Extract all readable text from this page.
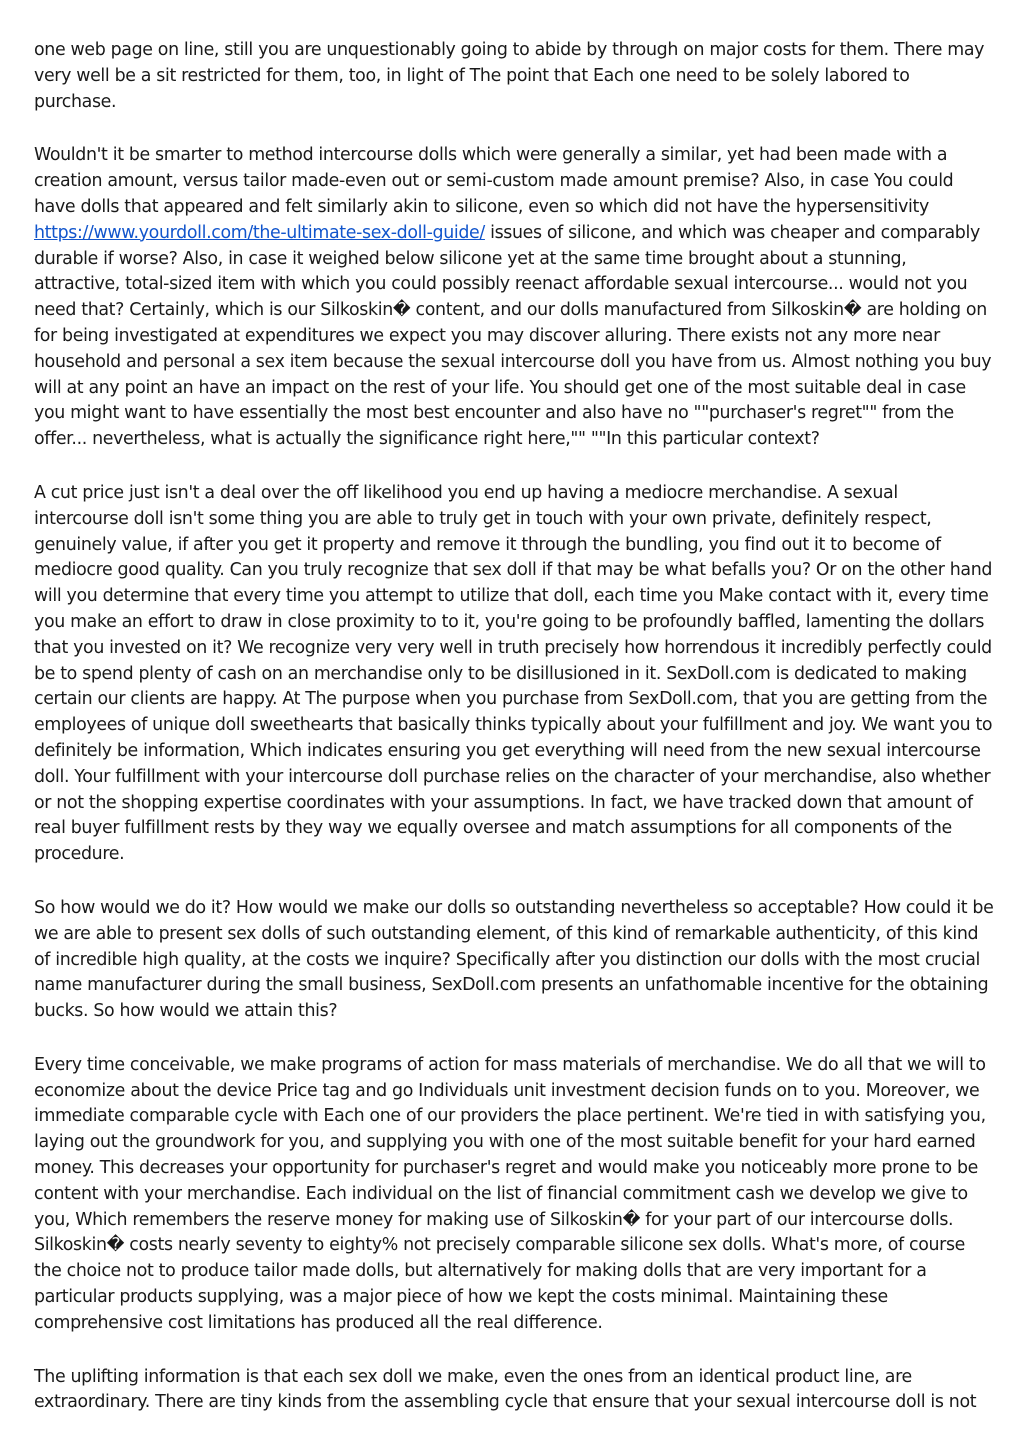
one web page on line, still you are unquestionably going to abide by through on major costs for them. There may very well be a sit restricted for them, too, in light of The point that Each one need to be solely labored to purchase.

Wouldn't it be smarter to method intercourse dolls which were generally a similar, yet had been made with a creation amount, versus tailor made-even out or semi-custom made amount premise? Also, in case You could have dolls that appeared and felt similarly akin to silicone, even so which did not have the hypersensitivity https://www.yourdoll.com/the-ultimate-sex-doll-guide/ issues of silicone, and which was cheaper and comparably durable if worse? Also, in case it weighed below silicone yet at the same time brought about a stunning, attractive, total-sized item with which you could possibly reenact affordable sexual intercourse... would not you need that? Certainly, which is our Silkoskin� content, and our dolls manufactured from Silkoskin� are holding on for being investigated at expenditures we expect you may discover alluring. There exists not any more near household and personal a sex item because the sexual intercourse doll you have from us. Almost nothing you buy will at any point an have an impact on the rest of your life. You should get one of the most suitable deal in case you might want to have essentially the most best encounter and also have no ""purchaser's regret"" from the offer... nevertheless, what is actually the significance right here,"" ""In this particular context?

A cut price just isn't a deal over the off likelihood you end up having a mediocre merchandise. A sexual intercourse doll isn't some thing you are able to truly get in touch with your own private, definitely respect, genuinely value, if after you get it property and remove it through the bundling, you find out it to become of mediocre good quality. Can you truly recognize that sex doll if that may be what befalls you? Or on the other hand will you determine that every time you attempt to utilize that doll, each time you Make contact with it, every time you make an effort to draw in close proximity to to it, you're going to be profoundly baffled, lamenting the dollars that you invested on it? We recognize very very well in truth precisely how horrendous it incredibly perfectly could be to spend plenty of cash on an merchandise only to be disillusioned in it. SexDoll.com is dedicated to making certain our clients are happy. At The purpose when you purchase from SexDoll.com, that you are getting from the employees of unique doll sweethearts that basically thinks typically about your fulfillment and joy. We want you to definitely be information, Which indicates ensuring you get everything will need from the new sexual intercourse doll. Your fulfillment with your intercourse doll purchase relies on the character of your merchandise, also whether or not the shopping expertise coordinates with your assumptions. In fact, we have tracked down that amount of real buyer fulfillment rests by they way we equally oversee and match assumptions for all components of the procedure.

So how would we do it? How would we make our dolls so outstanding nevertheless so acceptable? How could it be we are able to present sex dolls of such outstanding element, of this kind of remarkable authenticity, of this kind of incredible high quality, at the costs we inquire? Specifically after you distinction our dolls with the most crucial name manufacturer during the small business, SexDoll.com presents an unfathomable incentive for the obtaining bucks. So how would we attain this?

Every time conceivable, we make programs of action for mass materials of merchandise. We do all that we will to economize about the device Price tag and go Individuals unit investment decision funds on to you. Moreover, we immediate comparable cycle with Each one of our providers the place pertinent. We're tied in with satisfying you, laying out the groundwork for you, and supplying you with one of the most suitable benefit for your hard earned money. This decreases your opportunity for purchaser's regret and would make you noticeably more prone to be content with your merchandise. Each individual on the list of financial commitment cash we develop we give to you, Which remembers the reserve money for making use of Silkoskin� for your part of our intercourse dolls. Silkoskin� costs nearly seventy to eighty% not precisely comparable silicone sex dolls. What's more, of course the choice not to produce tailor made dolls, but alternatively for making dolls that are very important for a particular products supplying, was a major piece of how we kept the costs minimal. Maintaining these comprehensive cost limitations has produced all the real difference.

The uplifting information is that each sex doll we make, even the ones from an identical product line, are extraordinary. There are tiny kinds from the assembling cycle that ensure that your sexual intercourse doll is not
